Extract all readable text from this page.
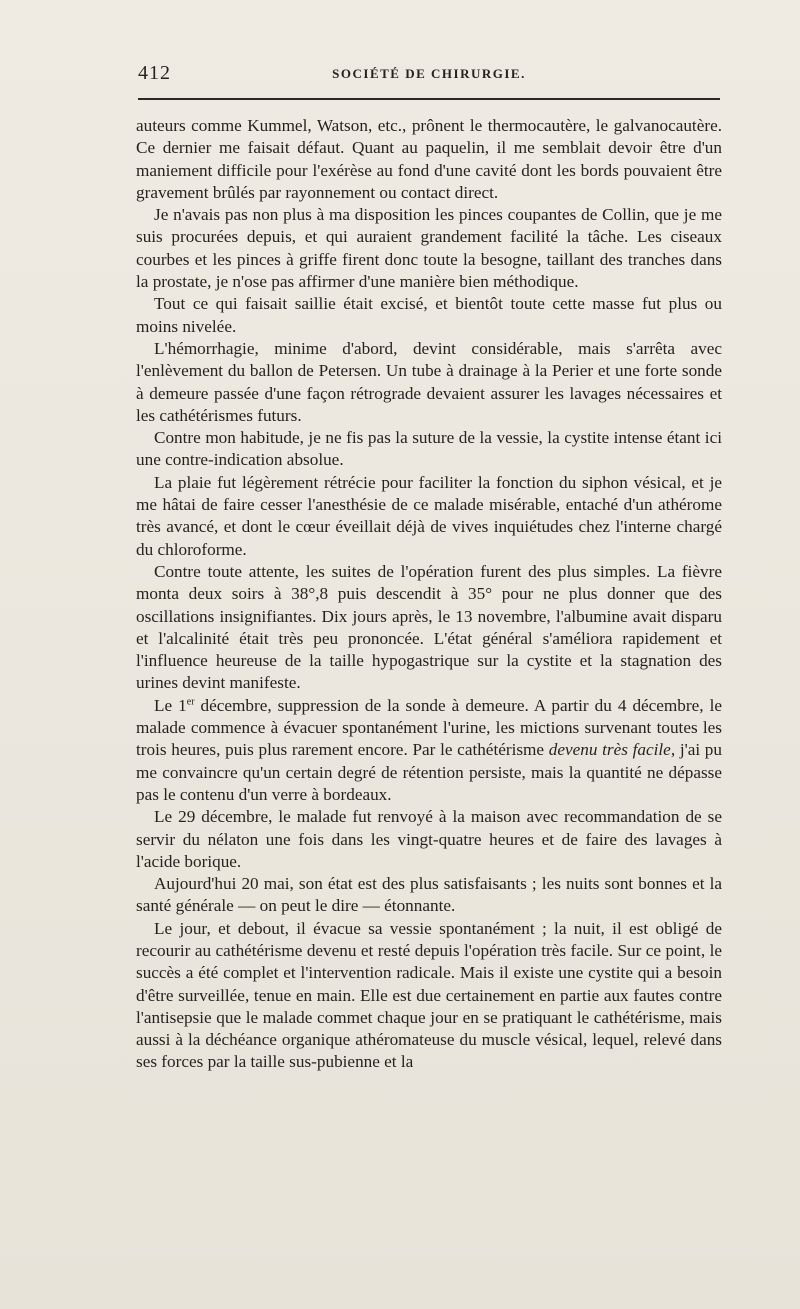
412	SOCIÉTÉ DE CHIRURGIE.

auteurs comme Kummel, Watson, etc., prônent le thermocautère, le galvanocautère. Ce dernier me faisait défaut. Quant au paquelin, il me semblait devoir être d'un maniement difficile pour l'exérèse au fond d'une cavité dont les bords pouvaient être gravement brûlés par rayonnement ou contact direct.

Je n'avais pas non plus à ma disposition les pinces coupantes de Collin, que je me suis procurées depuis, et qui auraient grandement facilité la tâche. Les ciseaux courbes et les pinces à griffe firent donc toute la besogne, taillant des tranches dans la prostate, je n'ose pas affirmer d'une manière bien méthodique.

Tout ce qui faisait saillie était excisé, et bientôt toute cette masse fut plus ou moins nivelée.

L'hémorrhagie, minime d'abord, devint considérable, mais s'arrêta avec l'enlèvement du ballon de Petersen. Un tube à drainage à la Perier et une forte sonde à demeure passée d'une façon rétrograde devaient assurer les lavages nécessaires et les cathétérismes futurs.

Contre mon habitude, je ne fis pas la suture de la vessie, la cystite intense étant ici une contre-indication absolue.

La plaie fut légèrement rétrécie pour faciliter la fonction du siphon vésical, et je me hâtai de faire cesser l'anesthésie de ce malade misérable, entaché d'un athérome très avancé, et dont le cœur éveillait déjà de vives inquiétudes chez l'interne chargé du chloroforme.

Contre toute attente, les suites de l'opération furent des plus simples. La fièvre monta deux soirs à 38°,8 puis descendit à 35° pour ne plus donner que des oscillations insignifiantes. Dix jours après, le 13 novembre, l'albumine avait disparu et l'alcalinité était très peu prononcée. L'état général s'améliora rapidement et l'influence heureuse de la taille hypogastrique sur la cystite et la stagnation des urines devint manifeste.

Le 1er décembre, suppression de la sonde à demeure. A partir du 4 décembre, le malade commence à évacuer spontanément l'urine, les mictions survenant toutes les trois heures, puis plus rarement encore. Par le cathétérisme devenu très facile, j'ai pu me convaincre qu'un certain degré de rétention persiste, mais la quantité ne dépasse pas le contenu d'un verre à bordeaux.

Le 29 décembre, le malade fut renvoyé à la maison avec recommandation de se servir du nélaton une fois dans les vingt-quatre heures et de faire des lavages à l'acide borique.

Aujourd'hui 20 mai, son état est des plus satisfaisants ; les nuits sont bonnes et la santé générale — on peut le dire — étonnante.

Le jour, et debout, il évacue sa vessie spontanément ; la nuit, il est obligé de recourir au cathétérisme devenu et resté depuis l'opération très facile. Sur ce point, le succès a été complet et l'intervention radicale. Mais il existe une cystite qui a besoin d'être surveillée, tenue en main. Elle est due certainement en partie aux fautes contre l'antisepsie que le malade commet chaque jour en se pratiquant le cathétérisme, mais aussi à la déchéance organique athéromateuse du muscle vésical, lequel, relevé dans ses forces par la taille sus-pubienne et la
